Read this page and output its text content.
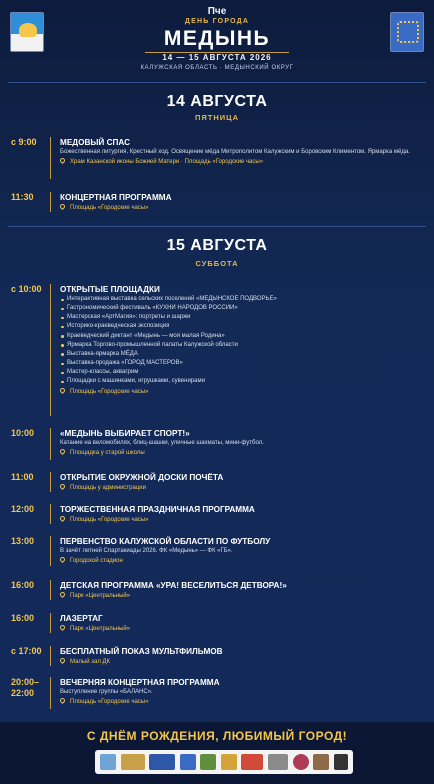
Пче
ДЕНЬ ГОРОДА
МЕДЫНЬ
14 — 15 АВГУСТА 2026
КАЛУЖСКАЯ ОБЛАСТЬ · МЕДЫНСКИЙ ОКРУГ
14 АВГУСТА
ПЯТНИЦА
с 9:00	МЕДОВЫЙ СПАС
Божественная литургия, Крестный ход. Освящение мёда Митрополитом Калужским и Боровским Климентом. Ярмарка мёда.
Храм Казанской иконы Божией Матери · Площадь «Городские часы»
11:30	КОНЦЕРТНАЯ ПРОГРАММА
Площадь «Городские часы»
15 АВГУСТА
СУББОТА
с 10:00	ОТКРЫТЫЕ ПЛОЩАДКИ
Интерактивная выставка сельских поселений «МЕДЫНСКОЕ ПОДВОРЬЕ»
Гастрономический фестиваль «КУХНИ НАРОДОВ РОССИИ»
Мастерская «АртМагия»: портреты и шаржи
Историко-краеведческая экспозиция
Краеведческий диктант «Медынь — моя малая Родина»
Ярмарка Торгово-промышленной палаты Калужской области
Выставка-ярмарка МЁДА
Выставка-продажа «ГОРОД МАСТЕРОВ»
Мастер-классы, аквагрим
Площадки с машинками, игрушками, сувенирами
Площадь «Городские часы»
10:00	«МЕДЫНЬ ВЫБИРАЕТ СПОРТ!»
Катание на веломобилях, блиц-шашки, уличные шахматы, мини-футбол.
Площадка у старой школы
11:00	ОТКРЫТИЕ ОКРУЖНОЙ ДОСКИ ПОЧЁТА
Площадь у администрации
12:00	ТОРЖЕСТВЕННАЯ ПРАЗДНИЧНАЯ ПРОГРАММА
Площадь «Городские часы»
13:00	ПЕРВЕНСТВО КАЛУЖСКОЙ ОБЛАСТИ ПО ФУТБОЛУ
В зачёт летней Спартакиады 2026. ФК «Медынь» — ФК «ГБ».
Городской стадион
16:00	ДЕТСКАЯ ПРОГРАММА «УРА! ВЕСЕЛИТЬСЯ ДЕТВОРА!»
Парк «Центральный»
16:00	ЛАЗЕРТАГ
Парк «Центральный»
с 17:00	БЕСПЛАТНЫЙ ПОКАЗ МУЛЬТФИЛЬМОВ
Малый зал ДК
20:00–22:00
ВЕЧЕРНЯЯ КОНЦЕРТНАЯ ПРОГРАММА
Выступление группы «БАЛАНС».
Площадь «Городские часы»
С ДНЁМ РОЖДЕНИЯ, ЛЮБИМЫЙ ГОРОД!
